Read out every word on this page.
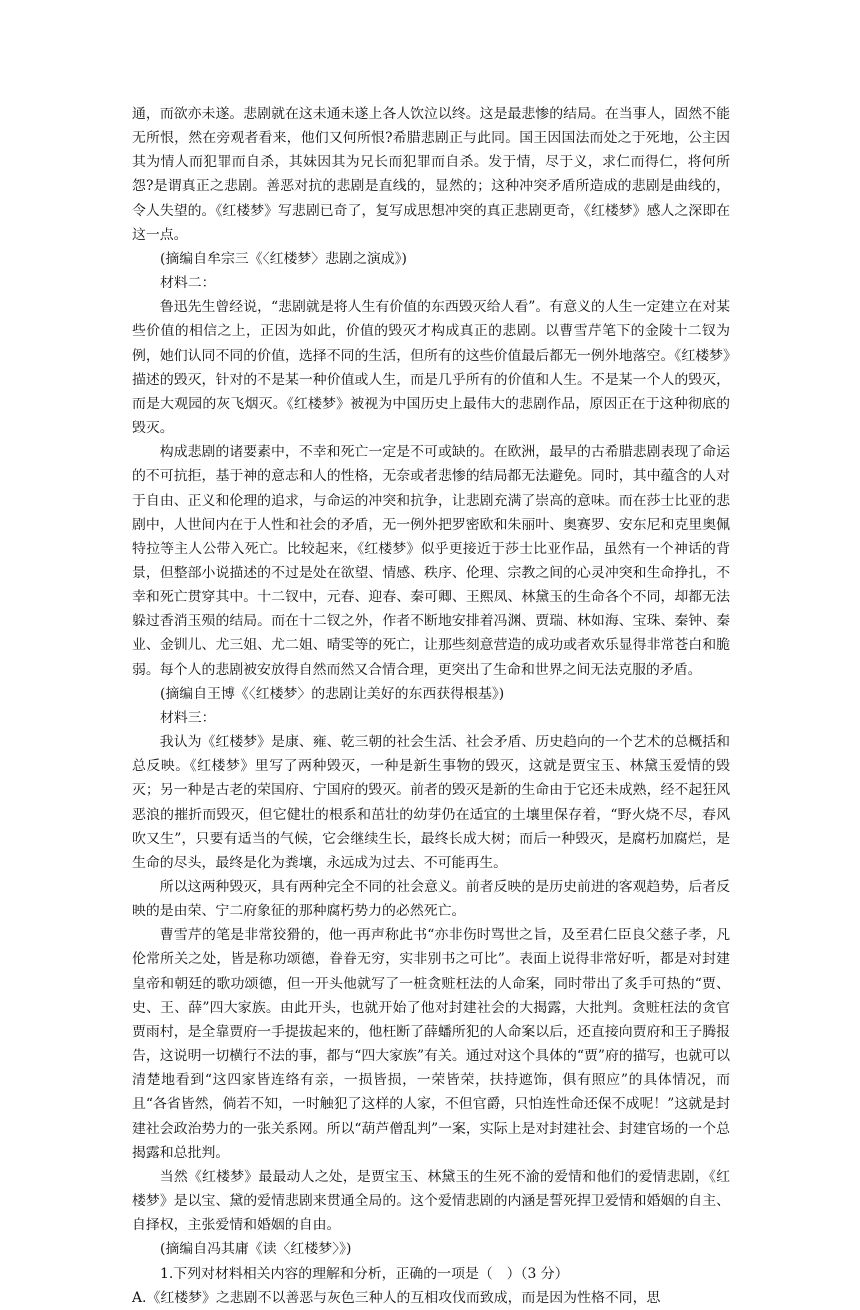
通，而欲亦未遂。悲剧就在这未通未遂上各人饮泣以终。这是最悲惨的结局。在当事人，固然不能无所恨，然在旁观者看来，他们又何所恨?希腊悲剧正与此同。国王因国法而处之于死地，公主因其为情人而犯罪而自杀，其妹因其为兄长而犯罪而自杀。发于情，尽于义，求仁而得仁，将何所怨?是谓真正之悲剧。善恶对抗的悲剧是直线的，显然的；这种冲突矛盾所造成的悲剧是曲线的，令人失望的。《红楼梦》写悲剧已奇了，复写成思想冲突的真正悲剧更奇，《红楼梦》感人之深即在这一点。

(摘编自牟宗三《〈红楼梦〉悲剧之演成》)

材料二：

鲁迅先生曾经说，“悲剧就是将人生有价值的东西毁灭给人看”。有意义的人生一定建立在对某些价值的相信之上，正因为如此，价值的毁灭才构成真正的悲剧。以曹雪芹笔下的金陵十二钗为例，她们认同不同的价值，选择不同的生活，但所有的这些价值最后都无一例外地落空。《红楼梦》描述的毁灭，针对的不是某一种价值或人生，而是几乎所有的价值和人生。不是某一个人的毁灭，而是大观园的灰飞烟灭。《红楼梦》被视为中国历史上最伟大的悲剧作品，原因正在于这种彻底的毁灭。

构成悲剧的诸要素中，不幸和死亡一定是不可或缺的。在欧洲，最早的古希腊悲剧表现了命运的不可抗拒，基于神的意志和人的性格，无奈或者悲惨的结局都无法避免。同时，其中蕴含的人对于自由、正义和伦理的追求，与命运的冲突和抗争，让悲剧充满了崇高的意味。而在莎士比亚的悲剧中，人世间内在于人性和社会的矛盾，无一例外把罗密欧和朱丽叶、奥赛罗、安东尼和克里奥佩特拉等主人公带入死亡。比较起来，《红楼梦》似乎更接近于莎士比亚作品，虽然有一个神话的背景，但整部小说描述的不过是处在欲望、情感、秩序、伦理、宗教之间的心灵冲突和生命挣扎，不幸和死亡贯穿其中。十二钗中，元春、迎春、秦可卿、王熙凤、林黛玉的生命各个不同，却都无法躲过香消玉殒的结局。而在十二钗之外，作者不断地安排着冯渊、贾瑞、林如海、宝珠、秦钟、秦业、金钏儿、尤三姐、尤二姐、晴雯等的死亡，让那些刻意营造的成功或者欢乐显得非常苍白和脆弱。每个人的悲剧被安放得自然而然又合情合理，更突出了生命和世界之间无法克服的矛盾。

(摘编自王博《〈红楼梦〉的悲剧让美好的东西获得根基》)

材料三：

我认为《红楼梦》是康、雍、乾三朝的社会生活、社会矛盾、历史趋向的一个艺术的总概括和总反映。《红楼梦》里写了两种毁灭，一种是新生事物的毁灭，这就是贾宝玉、林黛玉爱情的毁灭；另一种是古老的荣国府、宁国府的毁灭。前者的毁灭是新的生命由于它还未成熟，经不起狂风恶浪的摧折而毁灭，但它健壮的根系和茁壮的幼芽仍在适宜的土壤里保存着，“野火烧不尽，春风吹又生”，只要有适当的气候，它会继续生长，最终长成大树；而后一种毁灭，是腐朽加腐烂，是生命的尽头，最终是化为粪壤，永远成为过去、不可能再生。

所以这两种毁灭，具有两种完全不同的社会意义。前者反映的是历史前进的客观趋势，后者反映的是由荣、宁二府象征的那种腐朽势力的必然死亡。

曹雪芹的笔是非常狡猾的，他一再声称此书“亦非伤时骂世之旨，及至君仁臣良父慈子孝，凡伦常所关之处，皆是称功颂德，眷眷无穷，实非别书之可比”。表面上说得非常好听，都是对封建皇帝和朝廷的歌功颂德，但一开头他就写了一桩贪赃枉法的人命案，同时带出了炙手可热的“贾、史、王、薛”四大家族。由此开头，也就开始了他对封建社会的大揭露，大批判。贪赃枉法的贪官贾雨村，是全靠贾府一手提拔起来的，他枉断了薛蟠所犯的人命案以后，还直接向贾府和王子腾报告，这说明一切横行不法的事，都与“四大家族”有关。通过对这个具体的“贾”府的描写，也就可以清楚地看到“这四家皆连络有亲，一损皆损，一荣皆荣，扶持遮饰，俱有照应”的具体情况，而且“各省皆然，倘若不知，一时触犯了这样的人家，不但官爵，只怕连性命还保不成呢！”这就是封建社会政治势力的一张关系网。所以“葫芦僧乱判”一案，实际上是对封建社会、封建官场的一个总揭露和总批判。

当然《红楼梦》最最动人之处，是贾宝玉、林黛玉的生死不渝的爱情和他们的爱情悲剧，《红楼梦》是以宝、黛的爱情悲剧来贯通全局的。这个爱情悲剧的内涵是誓死捍卫爱情和婚姻的自主、自择权，主张爱情和婚姻的自由。

(摘编自冯其庸《读〈红楼梦〉》)

1.下列对材料相关内容的理解和分析，正确的一项是（　）（3 分）

A.《红楼梦》之悲剧不以善恶与灰色三种人的互相攻伐而致成，而是因为性格不同，思
